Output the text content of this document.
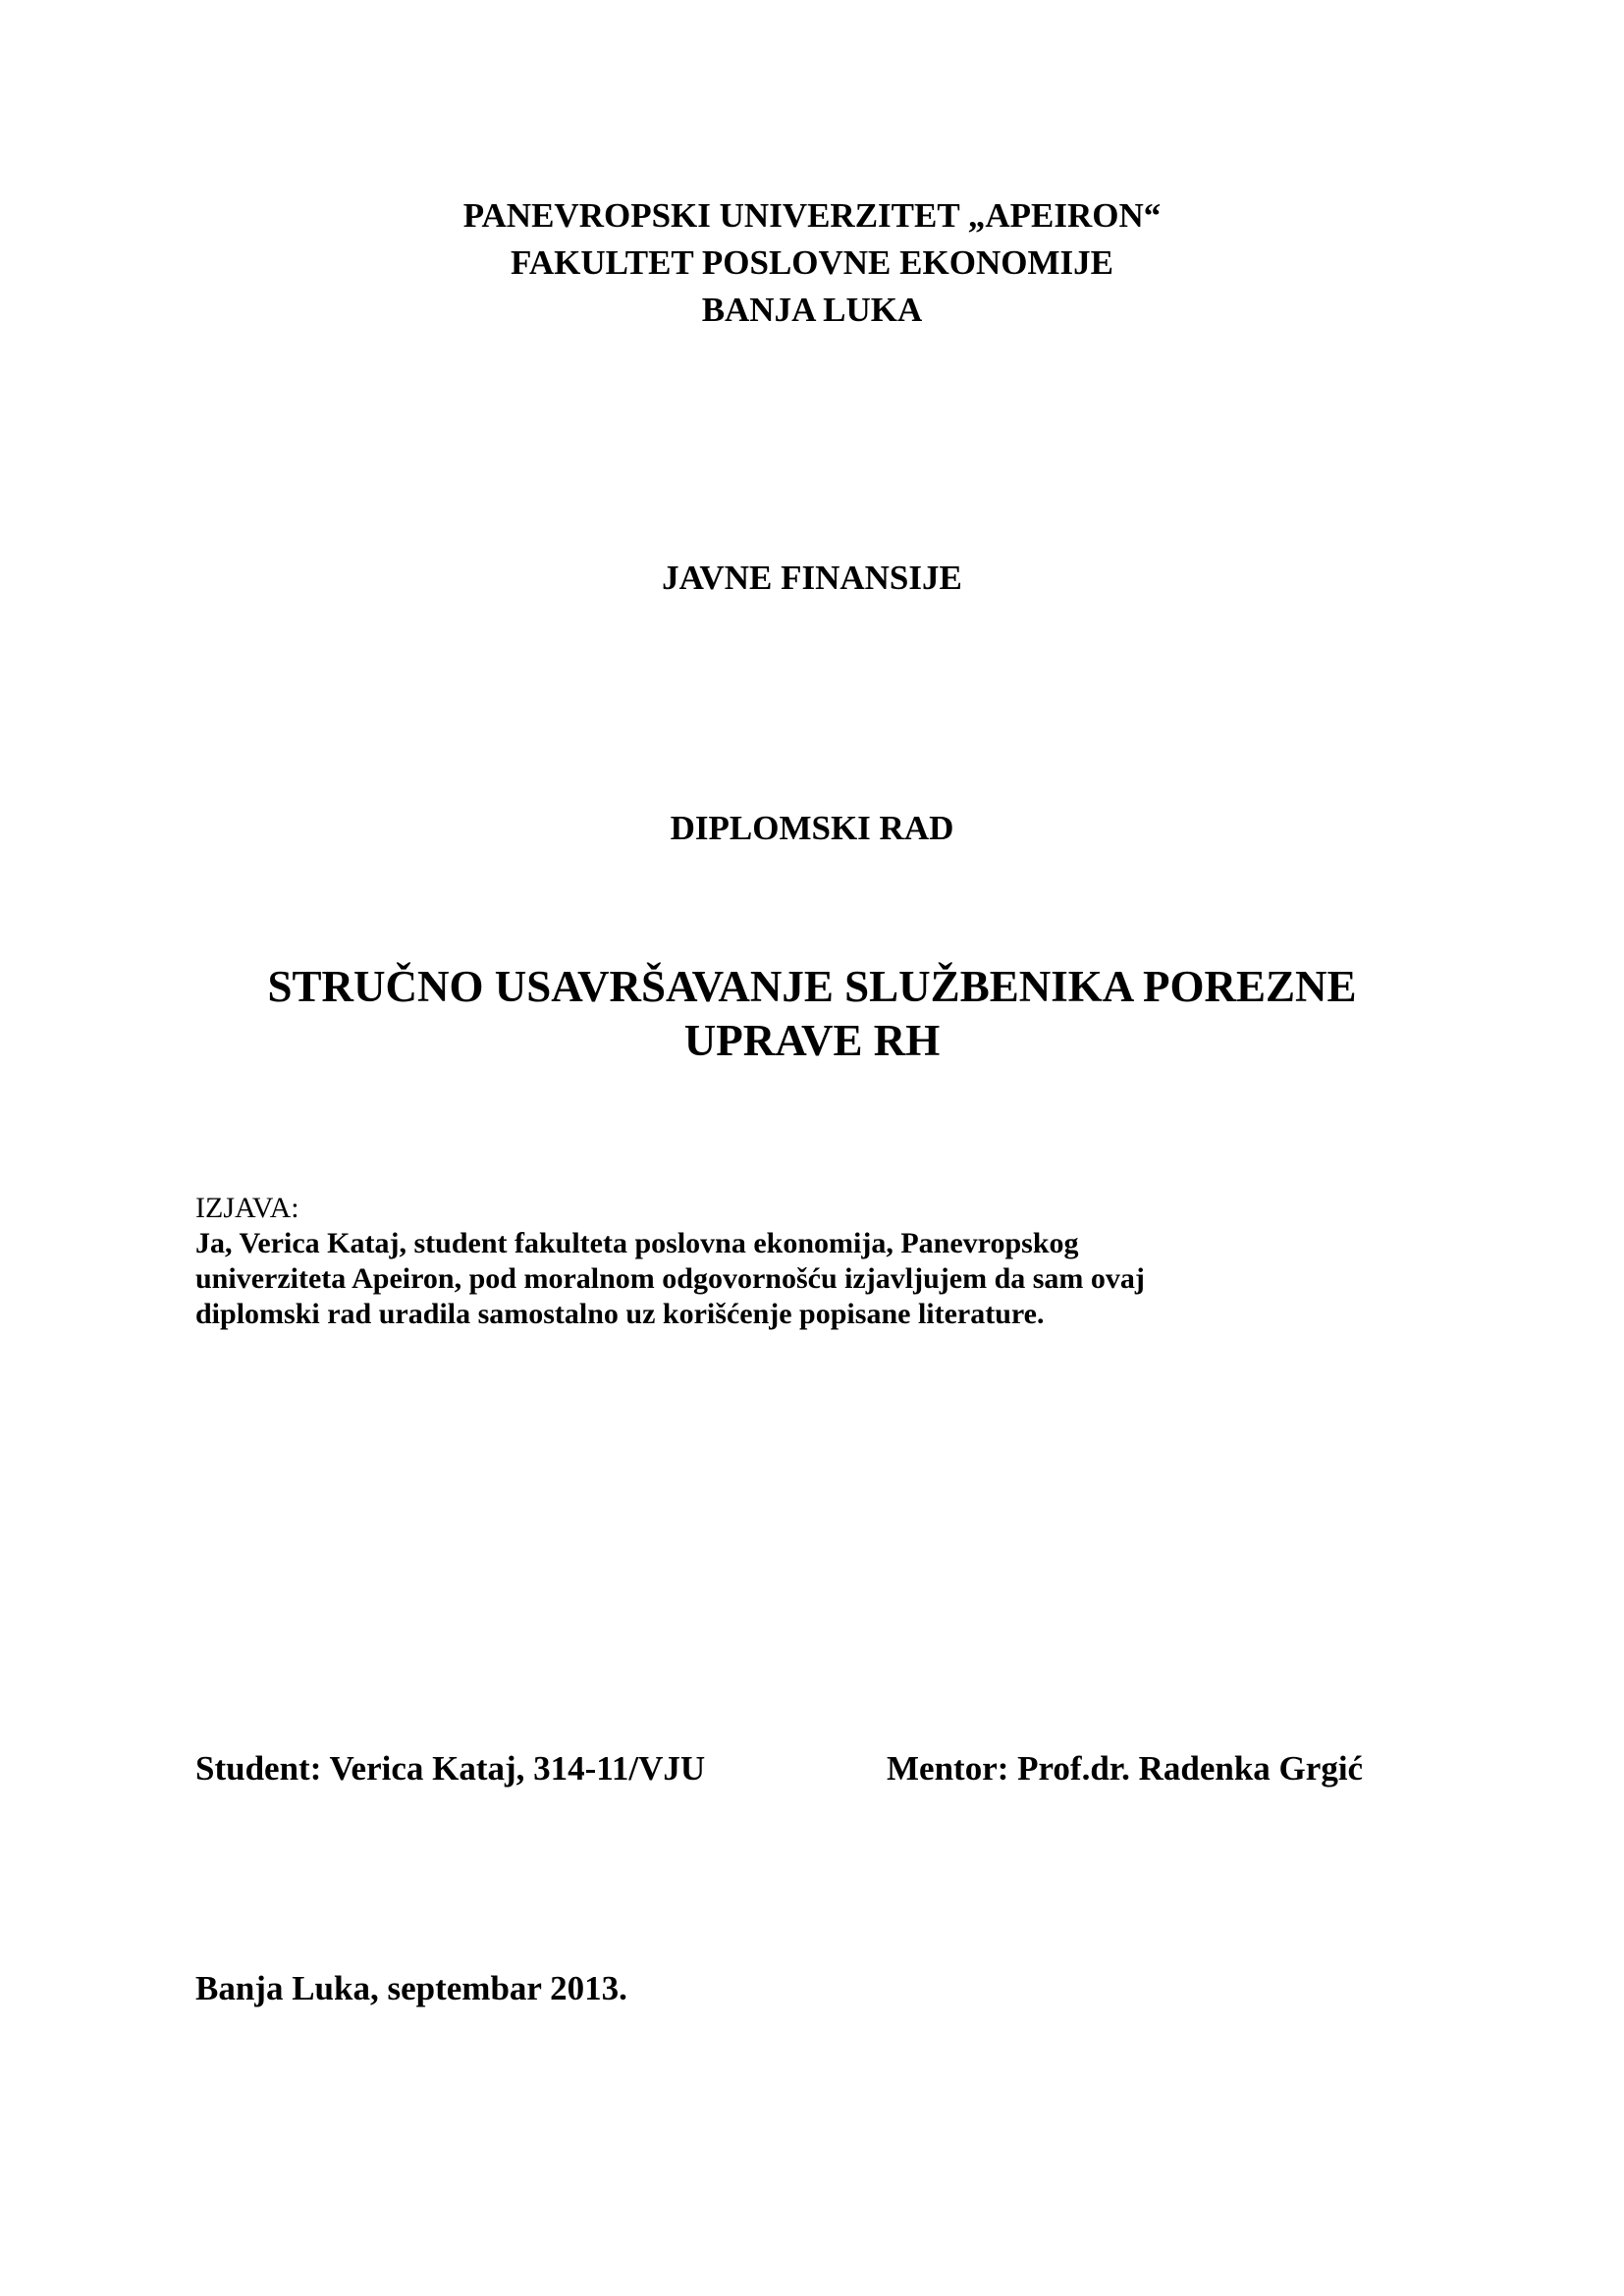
PANEVROPSKI UNIVERZITET „APEIRON“
FAKULTET POSLOVNE EKONOMIJE
BANJA LUKA
JAVNE FINANSIJE
DIPLOMSKI RAD
STRUČNO USAVRŠAVANJE SLUŽBENIKA POREZNE
UPRAVE RH
IZJAVA:
Ja, Verica Kataj, student fakulteta poslovna ekonomija, Panevropskog
univerziteta Apeiron, pod moralnom odgovornošću izjavljujem da sam ovaj
diplomski rad uradila samostalno uz korišćenje popisane literature.
Student: Verica Kataj, 314-11/VJU	Mentor: Prof.dr. Radenka Grgić
Banja Luka, septembar 2013.
